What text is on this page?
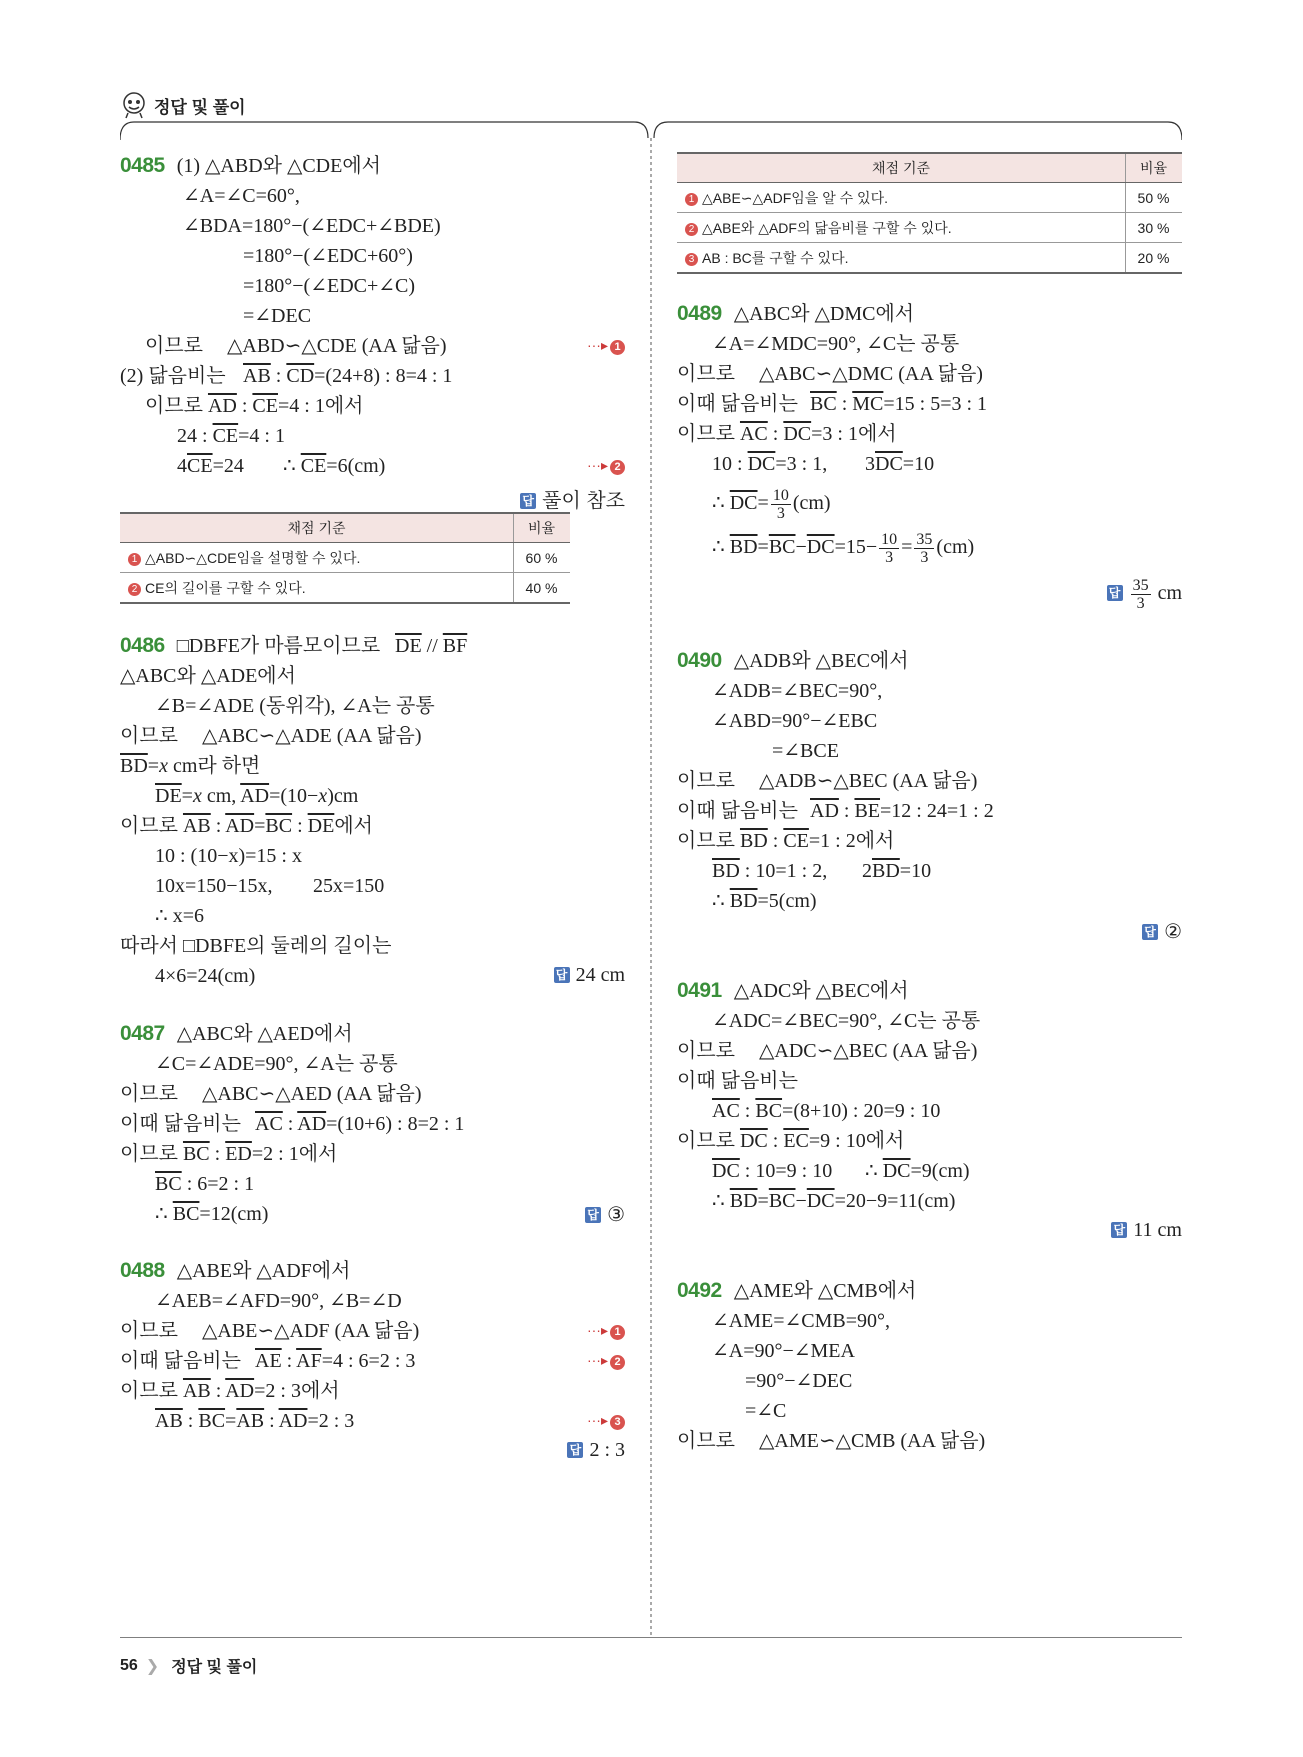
정답 및 풀이
0485 (1) △ABD와 △CDE에서
∠A=∠C=60°,
∠BDA=180°−(∠EDC+∠BDE)
=180°−(∠EDC+60°)
=180°−(∠EDC+∠C)
=∠DEC
이므로 △ABD∽△CDE (AA 닮음)	···▸ 1
(2) 닮음비는 $\overline{AB}$ : $\overline{CD}=(24+8)$ : 8=4 : 1
이므로 $\overline{AD}$ : $\overline{CE}=4$ : 1에서
24 : $\overline{CE}=4$ : 1
$4\overline{CE}=24$ ∴ $\overline{CE}=6(cm)$	···▸ 2
답 풀이 참조
채점 기준	비율
1 △ABD∽△CDE임을 설명할 수 있다.	60 %
2 CE의 길이를 구할 수 있다.	40 %
0486 □DBFE가 마름모이므로 $\overline{DE} // \overline{BF}$
△ABC와 △ADE에서
∠B=∠ADE (동위각), ∠A는 공통
이므로 △ABC∽△ADE (AA 닮음)
$\overline{BD}=x$ cm라 하면
$\overline{DE}=x$ cm, $\overline{AD}=(10-x)cm$
이므로 $\overline{AB}$ : $\overline{AD}=\overline{BC}$ : $\overline{DE}$에서
10 : (10−x)=15 : x
10x=150−15x, 25x=150
∴ x=6
따라서 □DBFE의 둘레의 길이는
4×6=24(cm)	답 24 cm
0487 △ABC와 △AED에서
∠C=∠ADE=90°, ∠A는 공통
이므로 △ABC∽△AED (AA 닮음)
이때 닮음비는 $\overline{AC}$ : $\overline{AD}=(10+6)$ : 8=2 : 1
이므로 $\overline{BC}$ : $\overline{ED}=2$ : 1에서
$\overline{BC}$ : 6=2 : 1
∴ $\overline{BC}=12(cm)$	답 ③
0488 △ABE와 △ADF에서
∠AEB=∠AFD=90°, ∠B=∠D
이므로 △ABE∽△ADF (AA 닮음)	···▸ 1
이때 닮음비는 $\overline{AE}$ : $\overline{AF}=4$ : 6=2 : 3	···▸ 2
이므로 $\overline{AB}$ : $\overline{AD}=2$ : 3에서
$\overline{AB}$ : $\overline{BC}=\overline{AB}$ : $\overline{AD}=2$ : 3	···▸ 3
답 2 : 3
채점 기준	비율
1 △ABE∽△ADF임을 알 수 있다.	50 %
2 △ABE와 △ADF의 닮음비를 구할 수 있다.	30 %
3 AB : BC를 구할 수 있다.	20 %
0489 △ABC와 △DMC에서
∠A=∠MDC=90°, ∠C는 공통
이므로 △ABC∽△DMC (AA 닮음)
이때 닮음비는 $\overline{BC}$ : $\overline{MC}=15$ : 5=3 : 1
이므로 $\overline{AC}$ : $\overline{DC}=3$ : 1에서
10 : $\overline{DC}=3$ : 1, $3\overline{DC}=10$
∴ $\overline{DC}= \frac{10}{3} (cm)$
∴ $\overline{BD}=\overline{BC}-\overline{DC}=15- \frac{10}{3} = \frac{35}{3} (cm)$
답 $\frac{35}{3}$ cm
0490 △ADB와 △BEC에서
∠ADB=∠BEC=90°,
∠ABD=90°−∠EBC
=∠BCE
이므로 △ADB∽△BEC (AA 닮음)
이때 닮음비는 $\overline{AD}$ : $\overline{BE}=12$ : 24=1 : 2
이므로 $\overline{BD}$ : $\overline{CE}=1$ : 2에서
$\overline{BD}$ : 10=1 : 2, $2\overline{BD}=10$
∴ $\overline{BD}=5(cm)$
답 ②
0491 △ADC와 △BEC에서
∠ADC=∠BEC=90°, ∠C는 공통
이므로 △ADC∽△BEC (AA 닮음)
이때 닮음비는
$\overline{AC}$ : $\overline{BC}=(8+10)$ : 20=9 : 10
이므로 $\overline{DC}$ : $\overline{EC}=9$ : 10에서
$\overline{DC}$ : 10=9 : 10 ∴ $\overline{DC}=9(cm)$
∴ $\overline{BD}=\overline{BC}-\overline{DC}=20-9=11(cm)$
답 11 cm
0492 △AME와 △CMB에서
∠AME=∠CMB=90°,
∠A=90°−∠MEA
=90°−∠DEC
=∠C
이므로 △AME∽△CMB (AA 닮음)
56 ❯ 정답 및 풀이
